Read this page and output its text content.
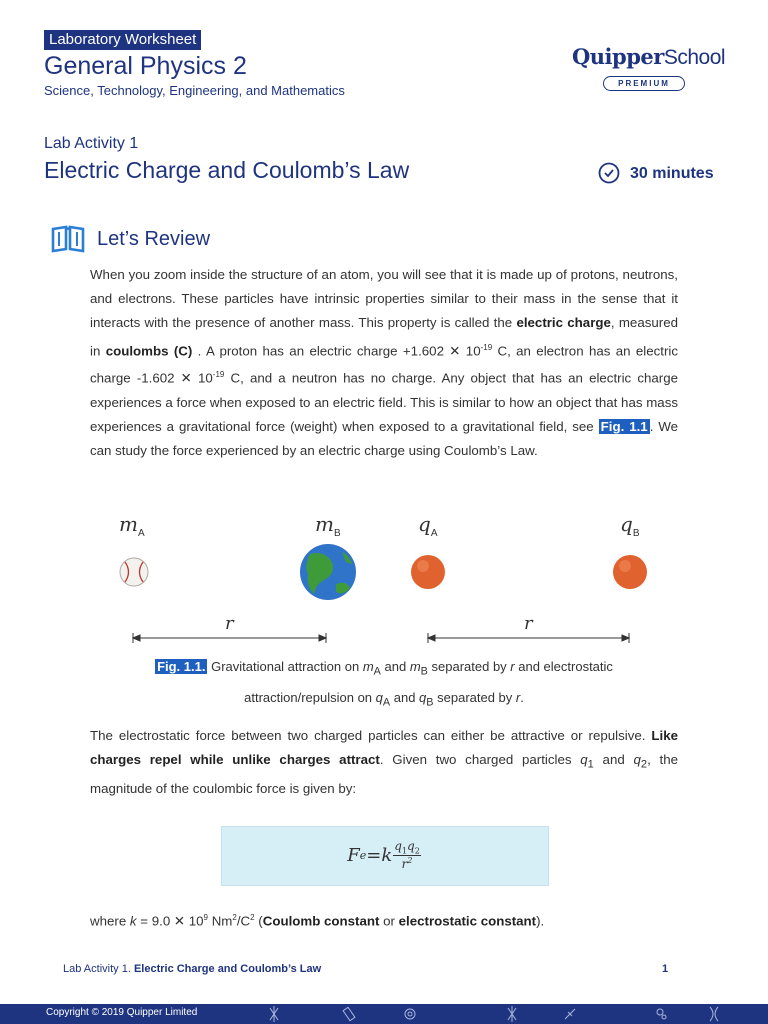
Laboratory Worksheet
General Physics 2
Science, Technology, Engineering, and Mathematics
QuipperSchool
PREMIUM
Lab Activity 1
Electric Charge and Coulomb’s Law	30 minutes
Let’s Review
When you zoom inside the structure of an atom, you will see that it is made up of protons, neutrons, and electrons. These particles have intrinsic properties similar to their mass in the sense that it interacts with the presence of another mass. This property is called the electric charge, measured in coulombs (C) . A proton has an electric charge +1.602 ✕ $10^{-19}$ C, an electron has an electric charge -1.602 ✕ $10^{-19}$ C, and a neutron has no charge. Any object that has an electric charge experiences a force when exposed to an electric field. This is similar to how an object that has mass experiences a gravitational force (weight) when exposed to a gravitational field, see Fig. 1.1 . We can study the force experienced by an electric charge using Coulomb’s Law.
$m_A$	$m_B$	$q_A$	$q_B$
r	r
Fig. 1.1. Gravitational attraction on $m_A$ and $m_B$ separated by r and electrostatic attraction/repulsion on $q_A$ and $q_B$ separated by r.
The electrostatic force between two charged particles can either be attractive or repulsive. Like charges repel while unlike charges attract. Given two charged particles $q_1$ and $q_2$, the magnitude of the coulombic force is given by:
F e = k $\frac{q_1q_2}{r^2}$
where k = 9.0 ✕ $10^9$ $Nm^2/C^2$ (Coulomb constant or electrostatic constant).
Lab Activity 1. Electric Charge and Coulomb’s Law	1
Copyright © 2019 Quipper Limited
